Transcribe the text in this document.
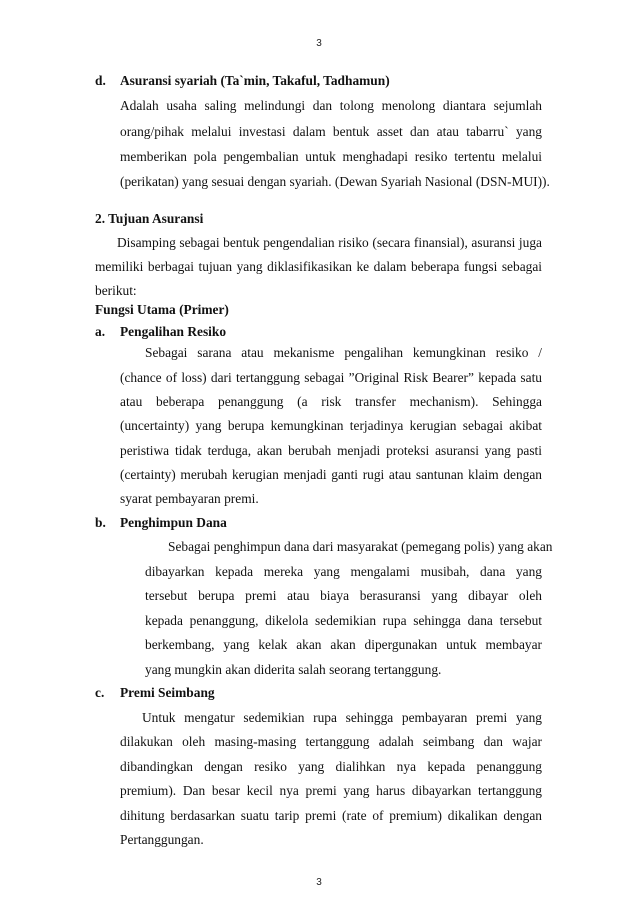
3
d. Asuransi syariah (Ta`min, Takaful, Tadhamun)
Adalah usaha saling melindungi dan tolong menolong diantara sejumlah
orang/pihak melalui investasi dalam bentuk asset dan atau tabarru` yang
memberikan pola pengembalian untuk menghadapi resiko tertentu melalui
(perikatan) yang sesuai dengan syariah. (Dewan Syariah Nasional (DSN-MUI)).
2. Tujuan Asuransi
Disamping sebagai bentuk pengendalian risiko (secara finansial), asuransi juga
memiliki berbagai tujuan yang diklasifikasikan ke dalam beberapa fungsi sebagai
berikut:
Fungsi Utama (Primer)
a. Pengalihan Resiko
Sebagai sarana atau mekanisme pengalihan kemungkinan resiko /
(chance of loss) dari tertanggung sebagai ”Original Risk Bearer” kepada satu
atau beberapa penanggung (a risk transfer mechanism). Sehingga
(uncertainty) yang berupa kemungkinan terjadinya kerugian sebagai akibat
peristiwa tidak terduga, akan berubah menjadi proteksi asuransi yang pasti
(certainty) merubah kerugian menjadi ganti rugi atau santunan klaim dengan
syarat pembayaran premi.
b. Penghimpun Dana
Sebagai penghimpun dana dari masyarakat (pemegang polis) yang akan
dibayarkan kepada mereka yang mengalami musibah, dana yang
tersebut berupa premi atau biaya berasuransi yang dibayar oleh
kepada penanggung, dikelola sedemikian rupa sehingga dana tersebut
berkembang, yang kelak akan akan dipergunakan untuk membayar
yang mungkin akan diderita salah seorang tertanggung.
c. Premi Seimbang
Untuk mengatur sedemikian rupa sehingga pembayaran premi yang
dilakukan oleh masing-masing tertanggung adalah seimbang dan wajar
dibandingkan dengan resiko yang dialihkan nya kepada penanggung
premium). Dan besar kecil nya premi yang harus dibayarkan tertanggung
dihitung berdasarkan suatu tarip premi (rate of premium) dikalikan dengan
Pertanggungan.
3
